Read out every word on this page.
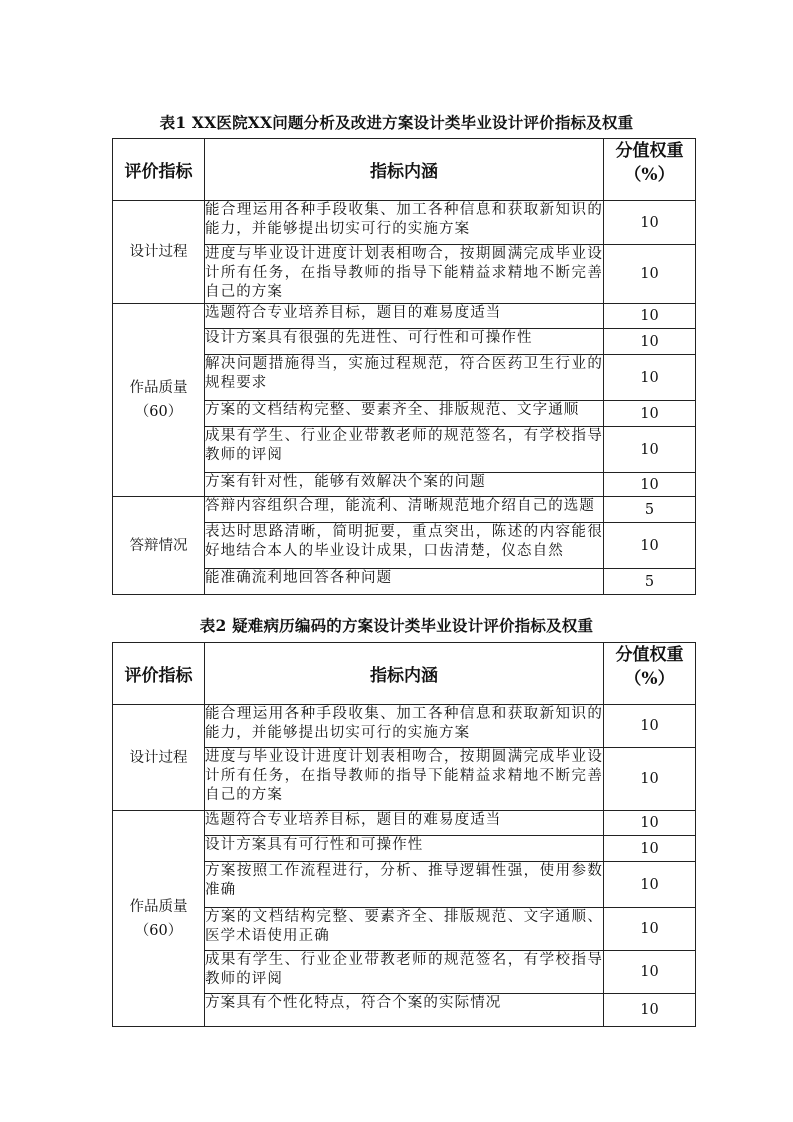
表1 XX医院XX问题分析及改进方案设计类毕业设计评价指标及权重
评价指标	指标内涵	分值权重
（%）

设计过程	能合理运用各种手段收集、加工各种信息和获取新知识的能力，并能够提出切实可行的实施方案	10
	进度与毕业设计进度计划表相吻合，按期圆满完成毕业设计所有任务，在指导教师的指导下能精益求精地不断完善自己的方案	10

作品质量
（60）	选题符合专业培养目标，题目的难易度适当	10
	设计方案具有很强的先进性、可行性和可操作性	10
	解决问题措施得当，实施过程规范，符合医药卫生行业的规程要求	10
	方案的文档结构完整、要素齐全、排版规范、文字通顺	10
	成果有学生、行业企业带教老师的规范签名，有学校指导教师的评阅	10
	方案有针对性，能够有效解决个案的问题	10

答辩情况	答辩内容组织合理，能流利、清晰规范地介绍自己的选题	5
	表达时思路清晰，简明扼要，重点突出，陈述的内容能很好地结合本人的毕业设计成果，口齿清楚，仪态自然	10
	能准确流利地回答各种问题	5
表2 疑难病历编码的方案设计类毕业设计评价指标及权重
评价指标	指标内涵	分值权重
（%）

设计过程	能合理运用各种手段收集、加工各种信息和获取新知识的能力，并能够提出切实可行的实施方案	10
	进度与毕业设计进度计划表相吻合，按期圆满完成毕业设计所有任务，在指导教师的指导下能精益求精地不断完善自己的方案	10

作品质量
（60）	选题符合专业培养目标，题目的难易度适当	10
	设计方案具有可行性和可操作性	10
	方案按照工作流程进行，分析、推导逻辑性强，使用参数准确	10
	方案的文档结构完整、要素齐全、排版规范、文字通顺、医学术语使用正确	10
	成果有学生、行业企业带教老师的规范签名，有学校指导教师的评阅	10
	方案具有个性化特点，符合个案的实际情况	10
